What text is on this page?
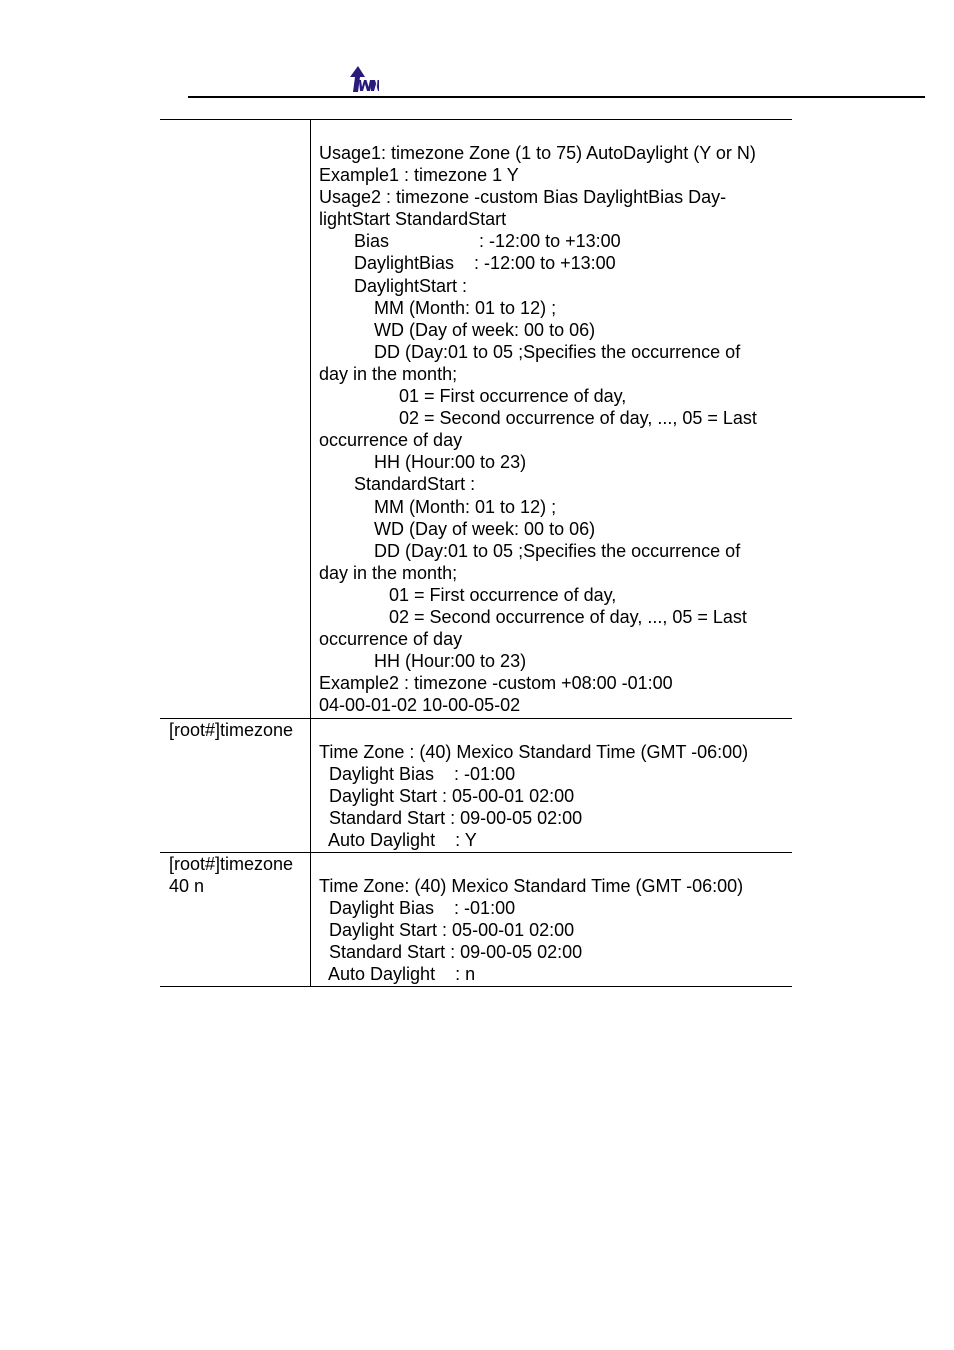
Usage1: timezone Zone (1 to 75) AutoDaylight (Y or N)
Example1 : timezone 1 Y
Usage2 : timezone -custom Bias DaylightBias Day-
lightStart StandardStart
Bias                  : -12:00 to +13:00
DaylightBias    : -12:00 to +13:00
DaylightStart :
MM (Month: 01 to 12) ;
WD (Day of week: 00 to 06)
DD (Day:01 to 05 ;Specifies the occurrence of
day in the month;
01 = First occurrence of day,
02 = Second occurrence of day, ..., 05 = Last
occurrence of day
HH (Hour:00 to 23)
StandardStart :
MM (Month: 01 to 12) ;
WD (Day of week: 00 to 06)
DD (Day:01 to 05 ;Specifies the occurrence of
day in the month;
01 = First occurrence of day,
02 = Second occurrence of day, ..., 05 = Last
occurrence of day
HH (Hour:00 to 23)
Example2 : timezone -custom +08:00 -01:00
04-00-01-02 10-00-05-02
[root#]timezone
Time Zone : (40) Mexico Standard Time (GMT -06:00)
Daylight Bias    : -01:00
Daylight Start : 05-00-01 02:00
Standard Start : 09-00-05 02:00
Auto Daylight    : Y
[root#]timezone
40 n	Time Zone: (40) Mexico Standard Time (GMT -06:00)
Daylight Bias    : -01:00
Daylight Start : 05-00-01 02:00
Standard Start : 09-00-05 02:00
Auto Daylight    : n
